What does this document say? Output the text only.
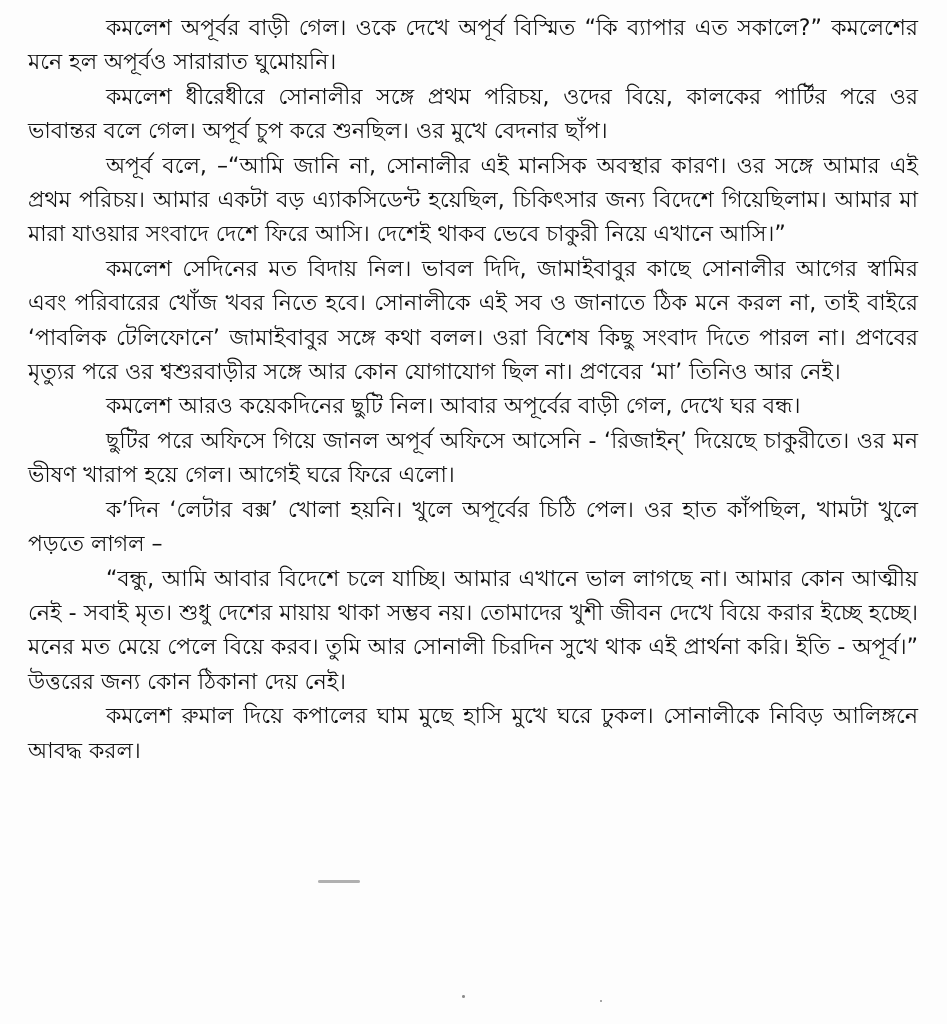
কমলেশ অপূর্বর বাড়ী গেল। ওকে দেখে অপূর্ব বিস্মিত “কি ব্যাপার এত সকালে?” কমলেশের মনে হল অপূর্বও সারারাত ঘুমোয়নি।

কমলেশ ধীরেধীরে সোনালীর সঙ্গে প্রথম পরিচয়, ওদের বিয়ে, কালকের পার্টির পরে ওর ভাবান্তর বলে গেল। অপূর্ব চুপ করে শুনছিল। ওর মুখে বেদনার ছাঁপ।

অপূর্ব বলে, –“আমি জানি না, সোনালীর এই মানসিক অবস্থার কারণ। ওর সঙ্গে আমার এই প্রথম পরিচয়। আমার একটা বড় এ্যাকসিডেন্ট হয়েছিল, চিকিৎসার জন্য বিদেশে গিয়েছিলাম। আমার মা মারা যাওয়ার সংবাদে দেশে ফিরে আসি। দেশেই থাকব ভেবে চাকুরী নিয়ে এখানে আসি।”

কমলেশ সেদিনের মত বিদায় নিল। ভাবল দিদি, জামাইবাবুর কাছে সোনালীর আগের স্বামির এবং পরিবারের খোঁজ খবর নিতে হবে। সোনালীকে এই সব ও জানাতে ঠিক মনে করল না, তাই বাইরে ‘পাবলিক টেলিফোনে’ জামাইবাবুর সঙ্গে কথা বলল। ওরা বিশেষ কিছু সংবাদ দিতে পারল না। প্রণবের মৃত্যুর পরে ওর শ্বশুরবাড়ীর সঙ্গে আর কোন যোগাযোগ ছিল না। প্রণবের ‘মা’ তিনিও আর নেই।

কমলেশ আরও কয়েকদিনের ছুটি নিল। আবার অপূর্বের বাড়ী গেল, দেখে ঘর বন্ধ।

ছুটির পরে অফিসে গিয়ে জানল অপূর্ব অফিসে আসেনি - ‘রিজাইন্’ দিয়েছে চাকুরীতে। ওর মন ভীষণ খারাপ হয়ে গেল। আগেই ঘরে ফিরে এলো।

ক’দিন ‘লেটার বক্স’ খোলা হয়নি। খুলে অপূর্বের চিঠি পেল। ওর হাত কাঁপছিল, খামটা খুলে পড়তে লাগল –

“বন্ধু, আমি আবার বিদেশে চলে যাচ্ছি। আমার এখানে ভাল লাগছে না। আমার কোন আত্মীয় নেই - সবাই মৃত। শুধু দেশের মায়ায় থাকা সম্ভব নয়। তোমাদের খুশী জীবন দেখে বিয়ে করার ইচ্ছে হচ্ছে। মনের মত মেয়ে পেলে বিয়ে করব। তুমি আর সোনালী চিরদিন সুখে থাক এই প্রার্থনা করি। ইতি - অপূর্ব।” উত্তরের জন্য কোন ঠিকানা দেয় নেই।

কমলেশ রুমাল দিয়ে কপালের ঘাম মুছে হাসি মুখে ঘরে ঢুকল। সোনালীকে নিবিড় আলিঙ্গনে আবদ্ধ করল।
